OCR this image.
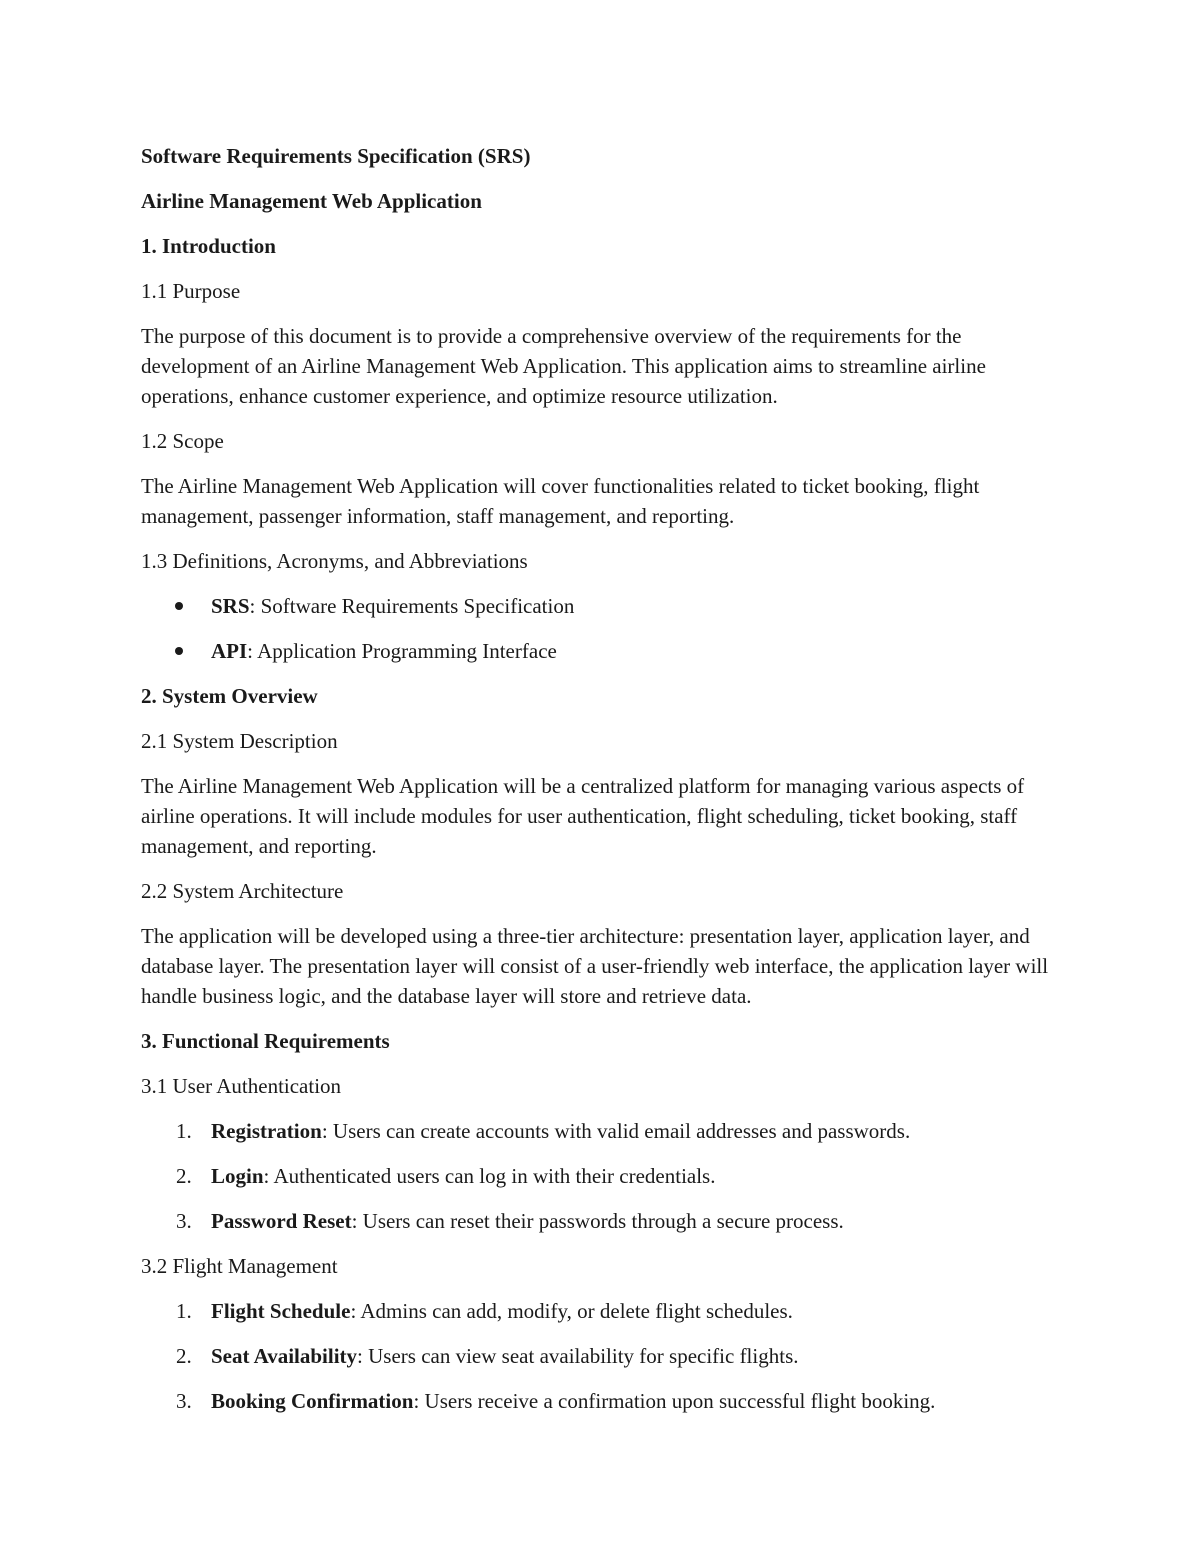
Software Requirements Specification (SRS)

Airline Management Web Application

1. Introduction

1.1 Purpose

The purpose of this document is to provide a comprehensive overview of the requirements for the development of an Airline Management Web Application. This application aims to streamline airline operations, enhance customer experience, and optimize resource utilization.

1.2 Scope

The Airline Management Web Application will cover functionalities related to ticket booking, flight management, passenger information, staff management, and reporting.

1.3 Definitions, Acronyms, and Abbreviations

SRS: Software Requirements Specification
API: Application Programming Interface

2. System Overview

2.1 System Description

The Airline Management Web Application will be a centralized platform for managing various aspects of airline operations. It will include modules for user authentication, flight scheduling, ticket booking, staff management, and reporting.

2.2 System Architecture

The application will be developed using a three-tier architecture: presentation layer, application layer, and database layer. The presentation layer will consist of a user-friendly web interface, the application layer will handle business logic, and the database layer will store and retrieve data.

3. Functional Requirements

3.1 User Authentication

1. Registration: Users can create accounts with valid email addresses and passwords.
2. Login: Authenticated users can log in with their credentials.
3. Password Reset: Users can reset their passwords through a secure process.

3.2 Flight Management

1. Flight Schedule: Admins can add, modify, or delete flight schedules.
2. Seat Availability: Users can view seat availability for specific flights.
3. Booking Confirmation: Users receive a confirmation upon successful flight booking.
